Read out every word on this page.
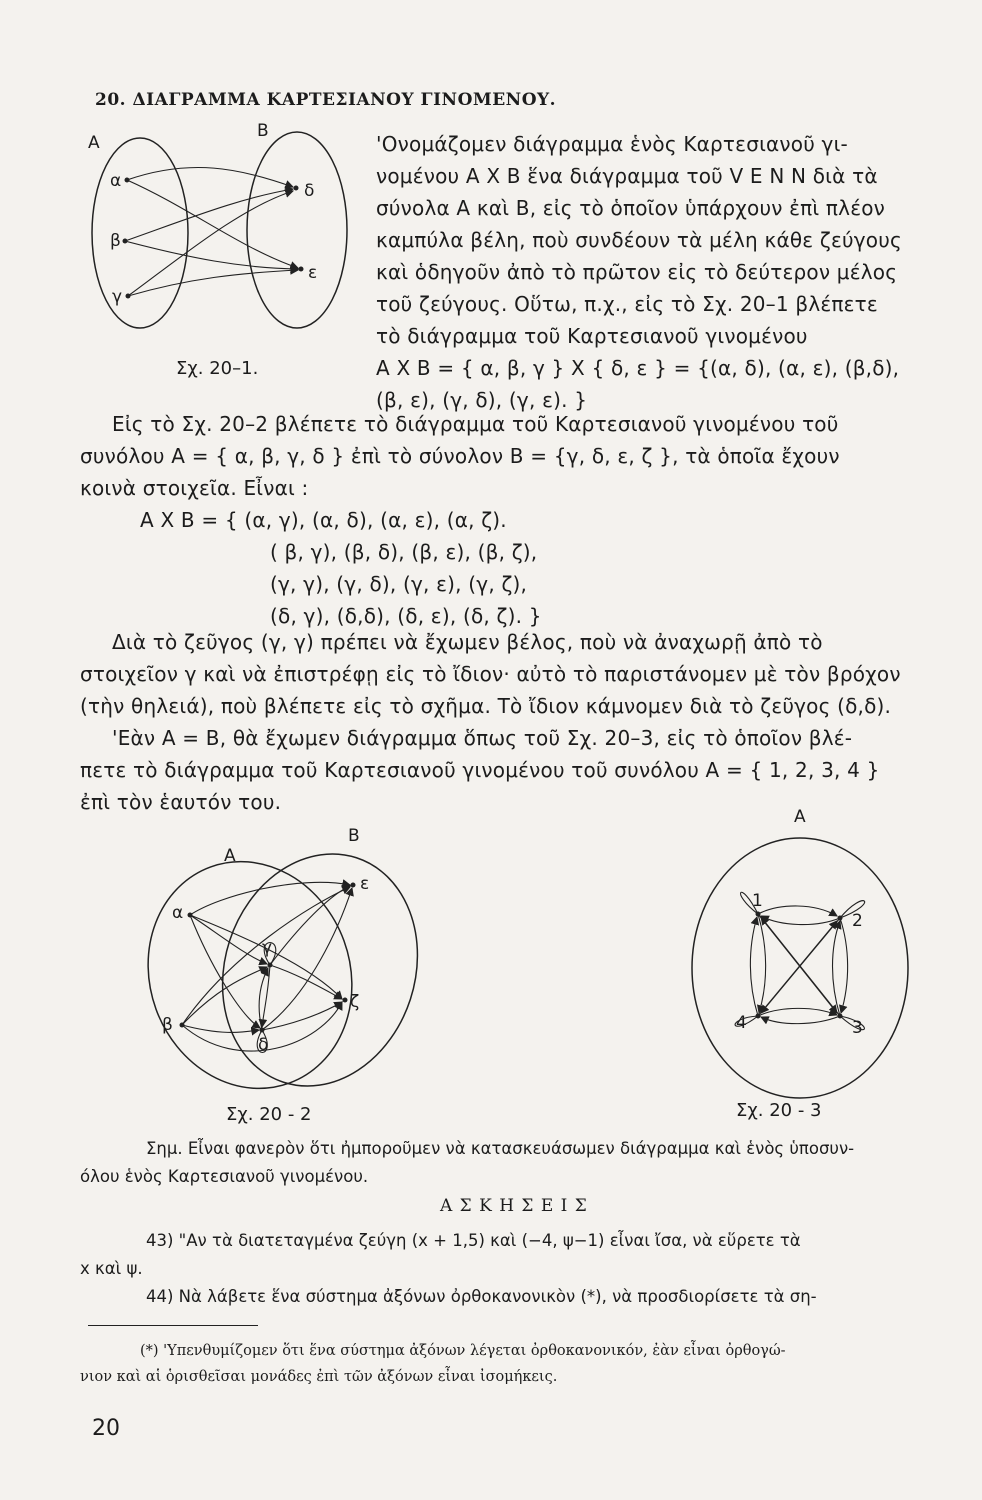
20. ΔΙΑΓΡΑΜΜΑ ΚΑΡΤΕΣΙΑΝΟΥ ΓΙΝΟΜΕΝΟΥ.
A
B
α
β
γ
δ
ε
Σχ. 20–1.
'Ονομάζομεν διάγραμμα ἑνὸς Καρτεσιανοῦ γι-
νομένου A X B ἕνα διάγραμμα τοῦ V E N N διὰ τὰ
σύνολα A καὶ B, εἰς τὸ ὁποῖον ὑπάρχουν ἐπὶ πλέον
καμπύλα βέλη, ποὺ συνδέουν τὰ μέλη κάθε ζεύγους
καὶ ὁδηγοῦν ἀπὸ τὸ πρῶτον εἰς τὸ δεύτερον μέλος
τοῦ ζεύγους. Οὕτω, π.χ., εἰς τὸ Σχ. 20–1 βλέπετε
τὸ διάγραμμα τοῦ Καρτεσιανοῦ γινομένου
A X B = { α, β, γ } X { δ, ε } = {(α, δ), (α, ε), (β,δ),
(β, ε), (γ, δ), (γ, ε). }
Εἰς τὸ Σχ. 20–2 βλέπετε τὸ διάγραμμα τοῦ Καρτεσιανοῦ γινομένου τοῦ
συνόλου A = { α, β, γ, δ } ἐπὶ τὸ σύνολον B = {γ, δ, ε, ζ }, τὰ ὁποῖα ἔχουν
κοινὰ στοιχεῖα. Εἶναι :
A X B = { (α, γ), (α, δ), (α, ε), (α, ζ).
( β, γ), (β, δ), (β, ε), (β, ζ),
(γ, γ), (γ, δ), (γ, ε), (γ, ζ),
(δ, γ), (δ,δ), (δ, ε), (δ, ζ). }
Διὰ τὸ ζεῦγος (γ, γ) πρέπει νὰ ἔχωμεν βέλος, ποὺ νὰ ἀναχωρῇ ἀπὸ τὸ
στοιχεῖον γ καὶ νὰ ἐπιστρέφῃ εἰς τὸ ἴδιον· αὐτὸ τὸ παριστάνομεν μὲ τὸν βρόχον
(τὴν θηλειά), ποὺ βλέπετε εἰς τὸ σχῆμα. Τὸ ἴδιον κάμνομεν διὰ τὸ ζεῦγος (δ,δ).
'Εὰν A = B, θὰ ἔχωμεν διάγραμμα ὅπως τοῦ Σχ. 20–3, εἰς τὸ ὁποῖον βλέ-
πετε τὸ διάγραμμα τοῦ Καρτεσιανοῦ γινομένου τοῦ συνόλου A = { 1, 2, 3, 4 }
ἐπὶ τὸν ἑαυτόν του.
A
B
α
β
γ
δ
ε
ζ
Σχ. 20 - 2
A
1
2
3
4
Σχ. 20 - 3
Σημ. Εἶναι φανερὸν ὅτι ἠμποροῦμεν νὰ κατασκευάσωμεν διάγραμμα καὶ ἑνὸς ὑποσυν-
όλου ἑνὸς Καρτεσιανοῦ γινομένου.
Α Σ Κ Η Σ Ε Ι Σ
43) "Αν τὰ διατεταγμένα ζεύγη (x + 1,5) καὶ (−4, ψ−1) εἶναι ἴσα, νὰ εὕρετε τὰ
x καὶ ψ.
44) Νὰ λάβετε ἕνα σύστημα ἀξόνων ὀρθοκανονικὸν (*), νὰ προσδιορίσετε τὰ ση-
(*) 'Υπενθυμίζομεν ὅτι ἕνα σύστημα ἀξόνων λέγεται ὀρθοκανονικόν, ἐὰν εἶναι ὀρθογώ-
νιον καὶ αἱ ὁρισθεῖσαι μονάδες ἐπὶ τῶν ἀξόνων εἶναι ἰσομήκεις.
20
